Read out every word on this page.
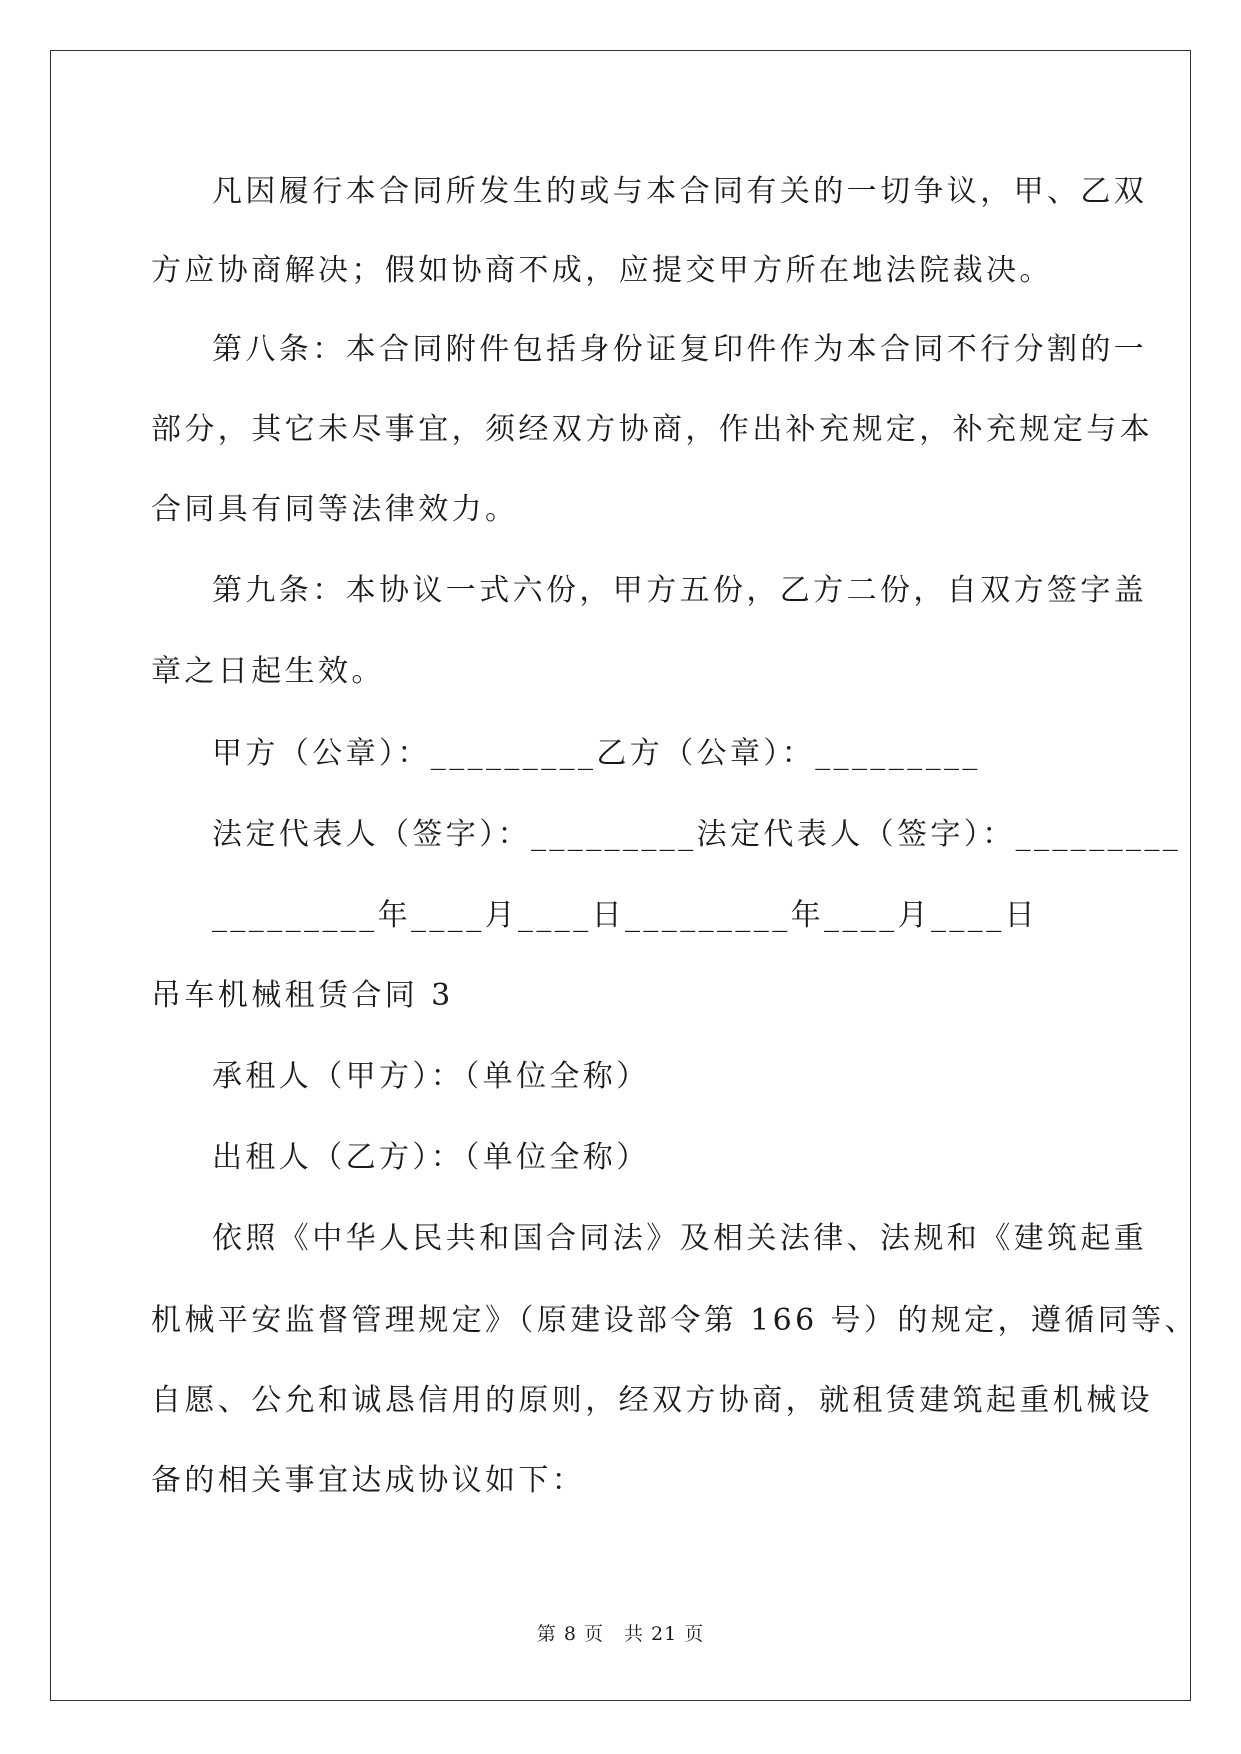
凡因履行本合同所发生的或与本合同有关的一切争议，甲、乙双
方应协商解决；假如协商不成，应提交甲方所在地法院裁决。
第八条：本合同附件包括身份证复印件作为本合同不行分割的一
部分，其它未尽事宜，须经双方协商，作出补充规定，补充规定与本
合同具有同等法律效力。
第九条：本协议一式六份，甲方五份，乙方二份，自双方签字盖
章之日起生效。
甲方（公章）：_________乙方（公章）：_________
法定代表人（签字）：_________法定代表人（签字）：_________
_________年____月____日_________年____月____日
吊车机械租赁合同 3
承租人（甲方）：（单位全称）
出租人（乙方）：（单位全称）
依照《中华人民共和国合同法》及相关法律、法规和《建筑起重
机械平安监督管理规定》（原建设部令第 166 号）的规定，遵循同等、
自愿、公允和诚恳信用的原则，经双方协商，就租赁建筑起重机械设
备的相关事宜达成协议如下：
第 8 页　共 21 页
